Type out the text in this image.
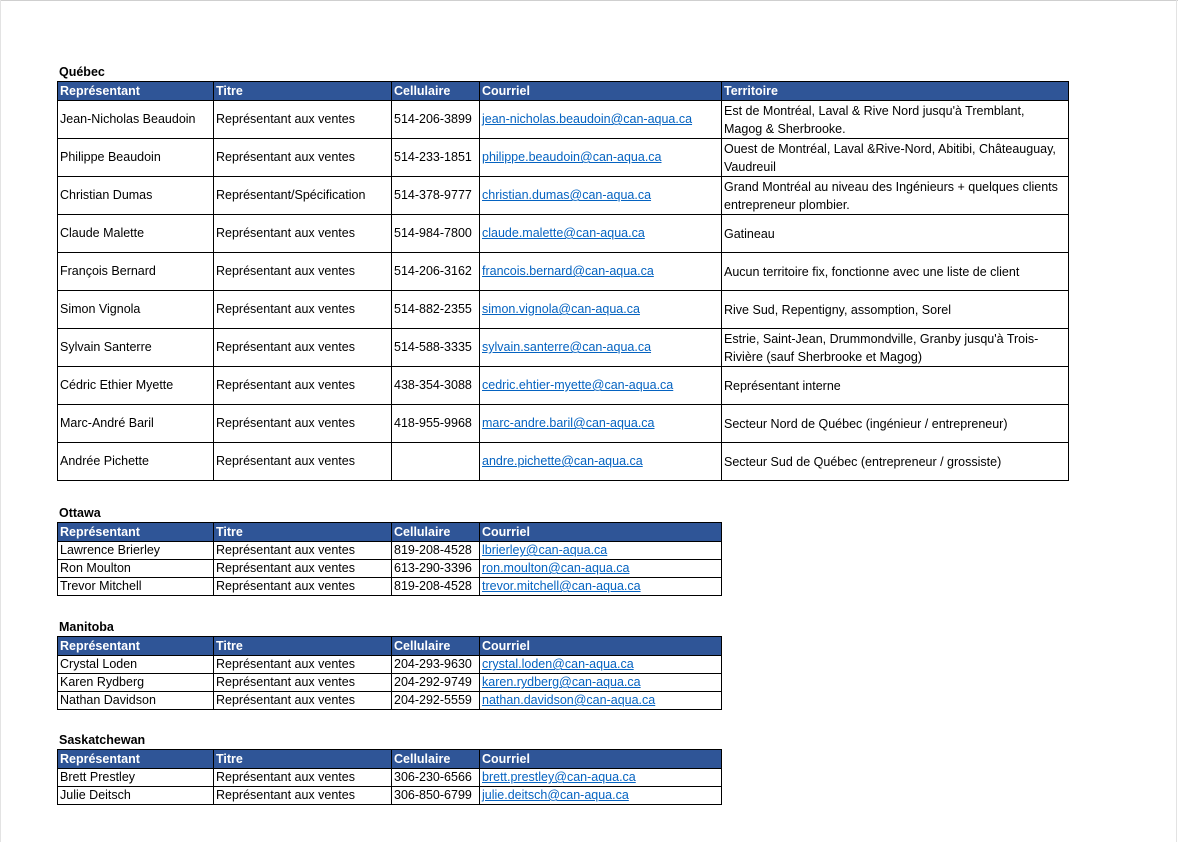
Québec
Représentant	Titre	Cellulaire	Courriel	Territoire
Jean-Nicholas Beaudoin	Représentant aux ventes	514-206-3899	jean-nicholas.beaudoin@can-aqua.ca	Est de Montréal, Laval & Rive Nord jusqu'à Tremblant, Magog & Sherbrooke.
Philippe Beaudoin	Représentant aux ventes	514-233-1851	philippe.beaudoin@can-aqua.ca	Ouest de Montréal, Laval &Rive-Nord, Abitibi, Châteauguay, Vaudreuil
Christian Dumas	Représentant/Spécification	514-378-9777	christian.dumas@can-aqua.ca	Grand Montréal au niveau des Ingénieurs + quelques clients entrepreneur plombier.
Claude Malette	Représentant aux ventes	514-984-7800	claude.malette@can-aqua.ca	Gatineau
François Bernard	Représentant aux ventes	514-206-3162	francois.bernard@can-aqua.ca	Aucun territoire fix, fonctionne avec une liste de client
Simon Vignola	Représentant aux ventes	514-882-2355	simon.vignola@can-aqua.ca	Rive Sud, Repentigny, assomption, Sorel
Sylvain Santerre	Représentant aux ventes	514-588-3335	sylvain.santerre@can-aqua.ca	Estrie, Saint-Jean, Drummondville, Granby jusqu'à Trois-Rivière (sauf Sherbrooke et Magog)
Cédric Ethier Myette	Représentant aux ventes	438-354-3088	cedric.ehtier-myette@can-aqua.ca	Représentant interne
Marc-André Baril	Représentant aux ventes	418-955-9968	marc-andre.baril@can-aqua.ca	Secteur Nord de Québec (ingénieur / entrepreneur)
Andrée Pichette	Représentant aux ventes		andre.pichette@can-aqua.ca	Secteur Sud de Québec (entrepreneur / grossiste)
Ottawa
Représentant	Titre	Cellulaire	Courriel
Lawrence Brierley	Représentant aux ventes	819-208-4528	lbrierley@can-aqua.ca
Ron Moulton	Représentant aux ventes	613-290-3396	ron.moulton@can-aqua.ca
Trevor Mitchell	Représentant aux ventes	819-208-4528	trevor.mitchell@can-aqua.ca
Manitoba
Représentant	Titre	Cellulaire	Courriel
Crystal Loden	Représentant aux ventes	204-293-9630	crystal.loden@can-aqua.ca
Karen Rydberg	Représentant aux ventes	204-292-9749	karen.rydberg@can-aqua.ca
Nathan Davidson	Représentant aux ventes	204-292-5559	nathan.davidson@can-aqua.ca
Saskatchewan
Représentant	Titre	Cellulaire	Courriel
Brett Prestley	Représentant aux ventes	306-230-6566	brett.prestley@can-aqua.ca
Julie Deitsch	Représentant aux ventes	306-850-6799	julie.deitsch@can-aqua.ca
